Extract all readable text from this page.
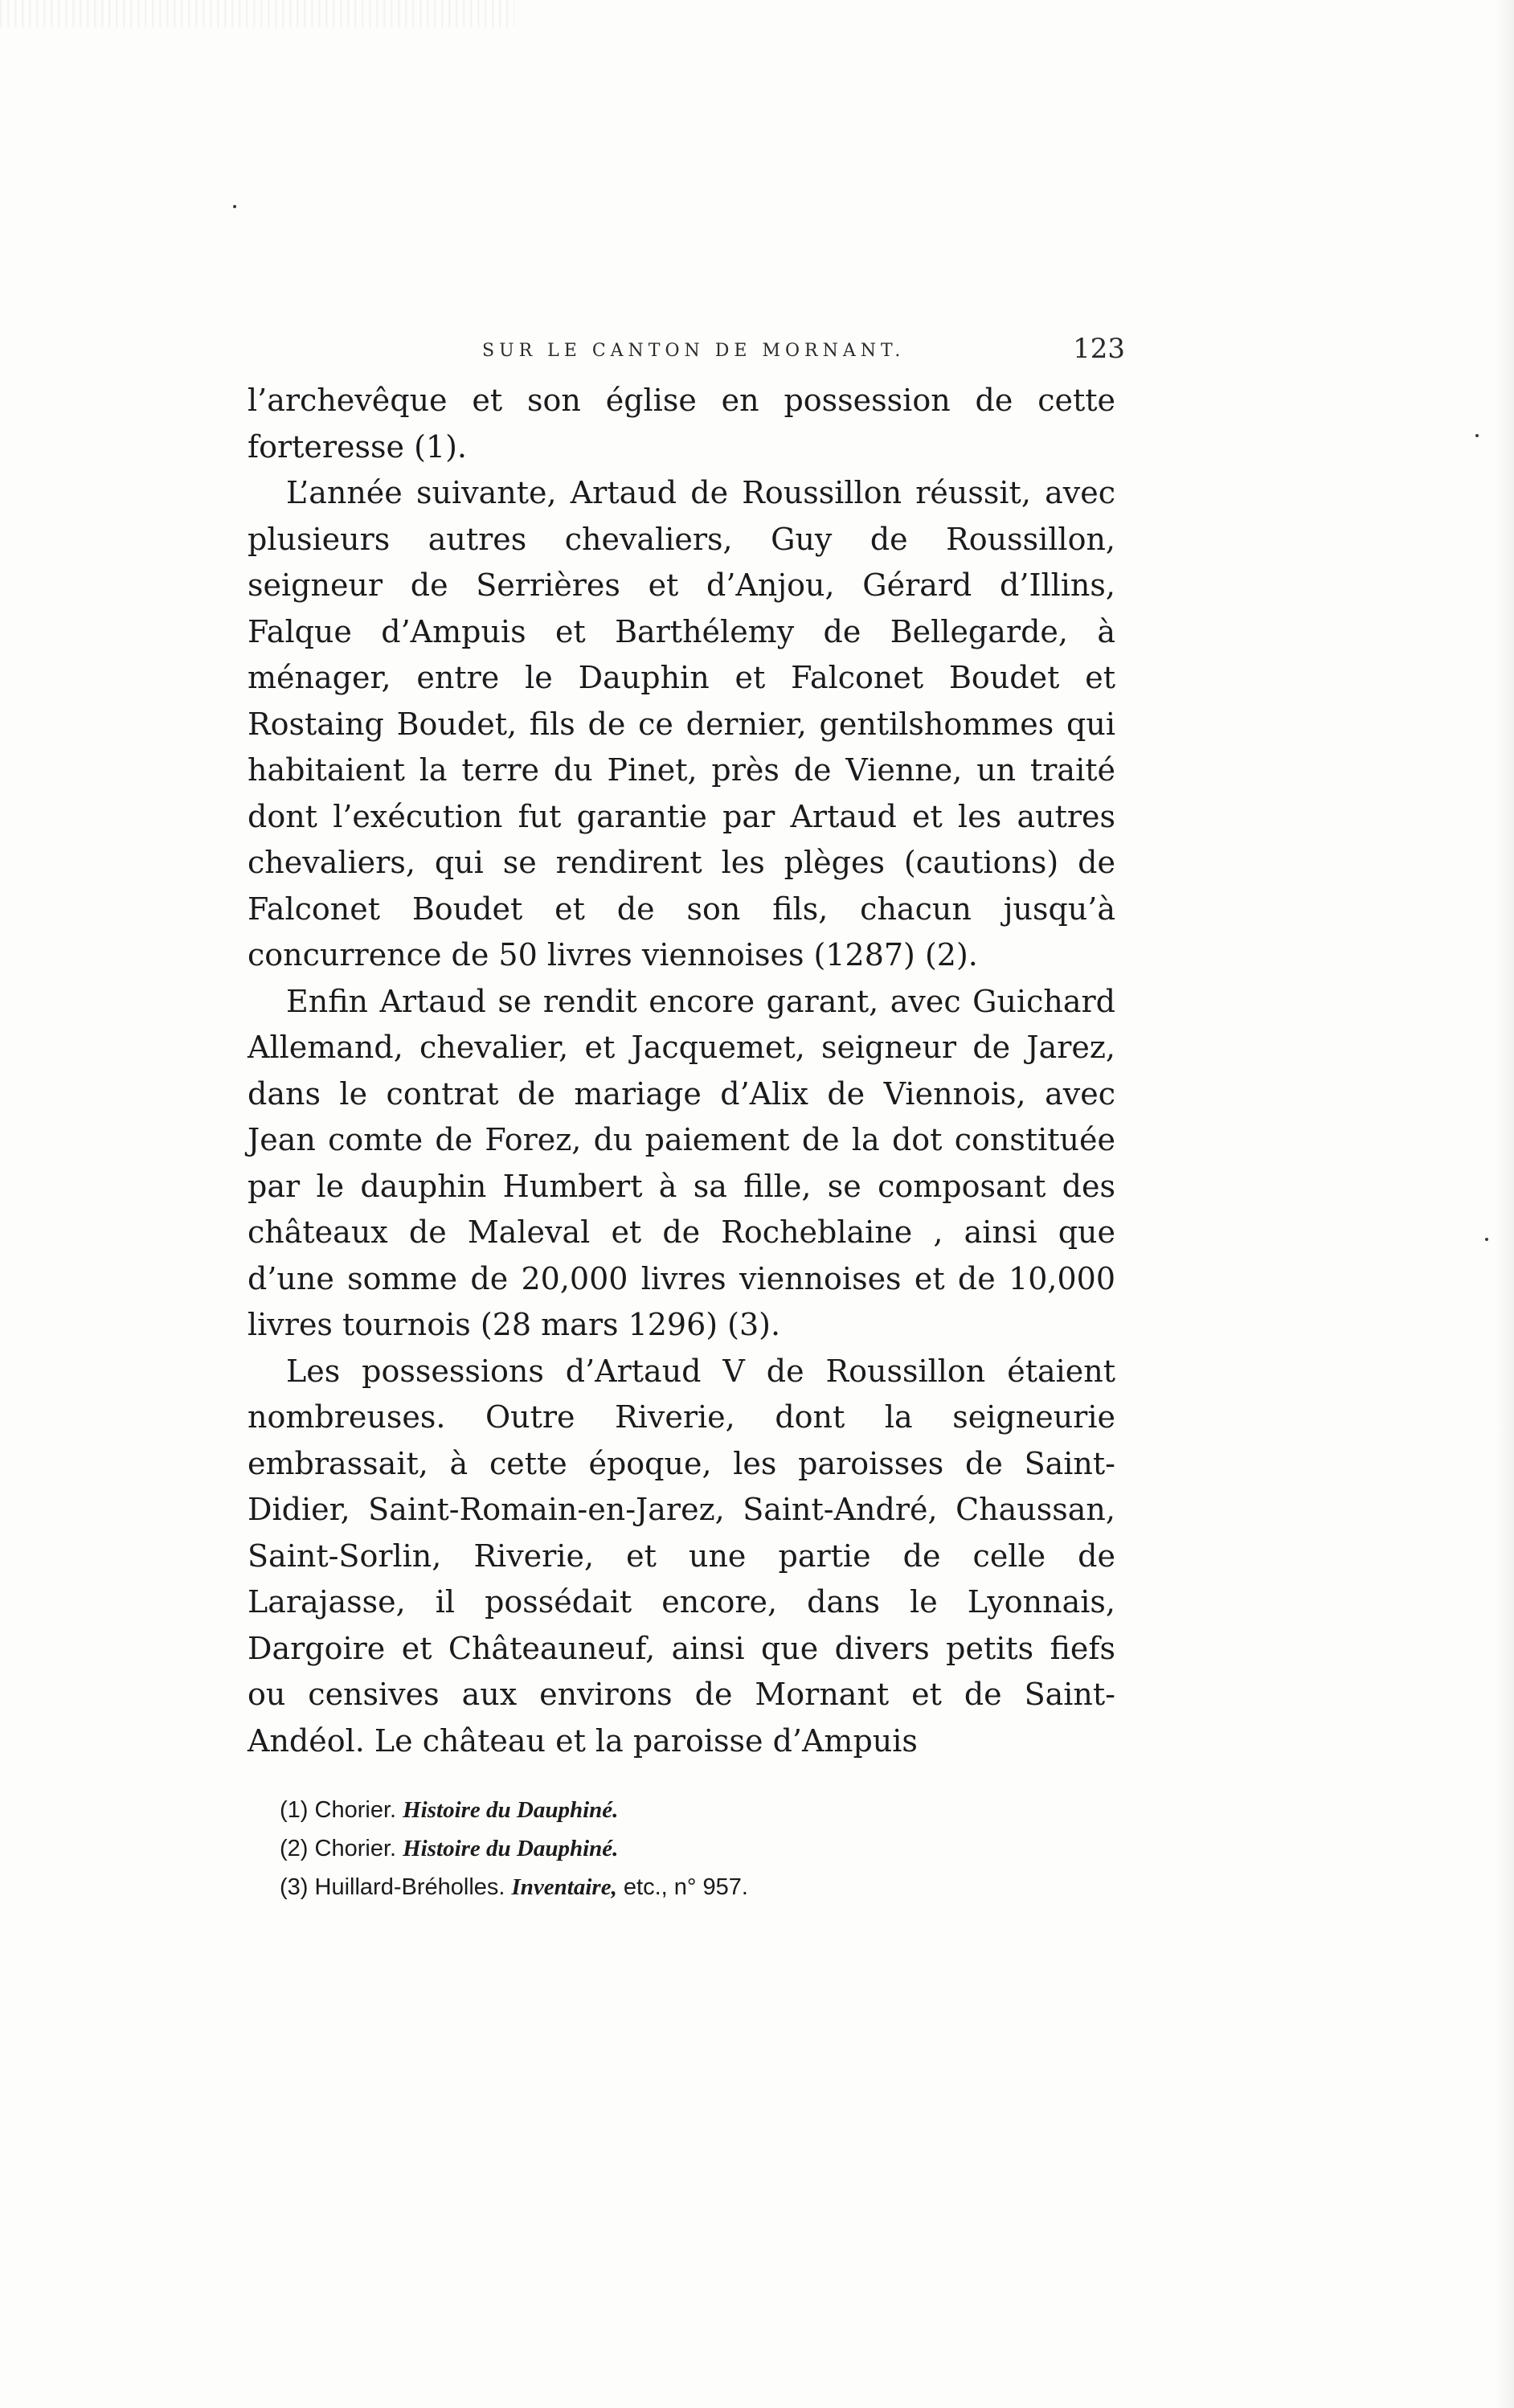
SUR LE CANTON DE MORNANT.	123

l’archevêque et son église en possession de cette forteresse (1).

L’année suivante, Artaud de Roussillon réussit, avec plusieurs autres chevaliers, Guy de Roussillon, seigneur de Serrières et d’Anjou, Gérard d’Illins, Falque d’Ampuis et Barthélemy de Bellegarde, à ménager, entre le Dauphin et Falconet Boudet et Rostaing Boudet, fils de ce dernier, gentilshommes qui habitaient la terre du Pinet, près de Vienne, un traité dont l’exécution fut garantie par Artaud et les autres chevaliers, qui se rendirent les plèges (cautions) de Falconet Boudet et de son fils, chacun jusqu’à concurrence de 50 livres viennoises (1287) (2).

Enfin Artaud se rendit encore garant, avec Guichard Allemand, chevalier, et Jacquemet, seigneur de Jarez, dans le contrat de mariage d’Alix de Viennois, avec Jean comte de Forez, du paiement de la dot constituée par le dauphin Humbert à sa fille, se composant des châteaux de Maleval et de Rocheblaine , ainsi que d’une somme de 20,000 livres viennoises et de 10,000 livres tournois (28 mars 1296) (3).

Les possessions d’Artaud V de Roussillon étaient nombreuses. Outre Riverie, dont la seigneurie embrassait, à cette époque, les paroisses de Saint-Didier, Saint-Romain-en-Jarez, Saint-André, Chaussan, Saint-Sorlin, Riverie, et une partie de celle de Larajasse, il possédait encore, dans le Lyonnais, Dargoire et Châteauneuf, ainsi que divers petits fiefs ou censives aux environs de Mornant et de Saint-Andéol. Le château et la paroisse d’Ampuis

(1) Chorier. Histoire du Dauphiné.
(2) Chorier. Histoire du Dauphiné.
(3) Huillard-Bréholles. Inventaire, etc., n° 957.
